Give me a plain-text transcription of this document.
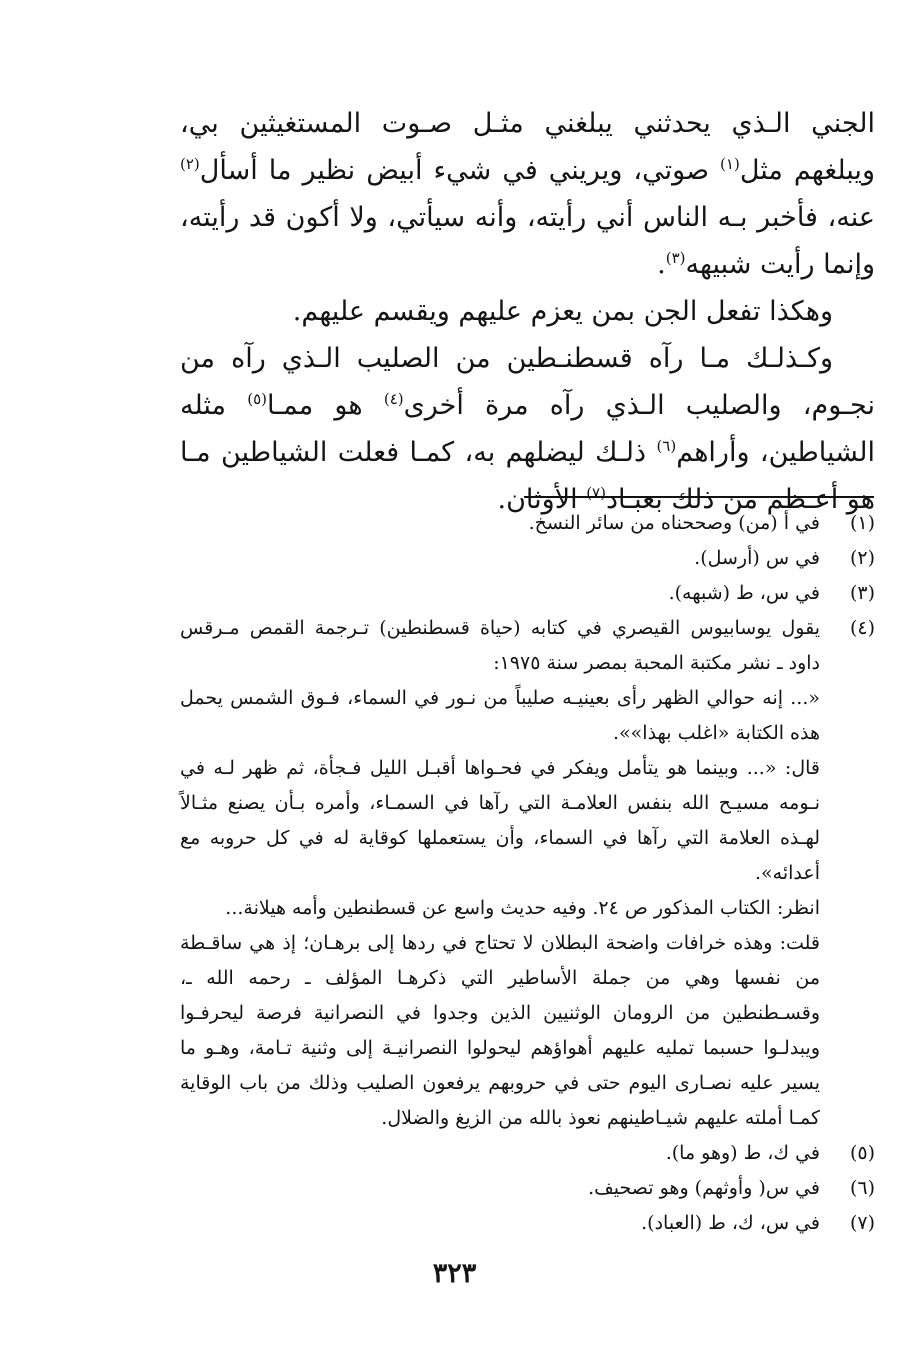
الجني الـذي يحدثني يبلغني مثـل صـوت المستغيثين بي، ويبلغهم مثل$^{(١)}$ صوتي، ويريني في شيء أبيض نظير ما أسأل$^{(٢)}$ عنه، فأخبر بـه الناس أني رأيته، وأنه سيأتي، ولا أكون قد رأيته، وإنما رأيت شبيهه$^{(٣)}$.

وهكذا تفعل الجن بمن يعزم عليهم ويقسم عليهم.

وكـذلـك مـا رآه قسطنـطين من الصليب الـذي رآه من نجـوم، والصليب الـذي رآه مرة أخرى$^{(٤)}$ هو ممـا$^{(٥)}$ مثله الشياطين، وأراهم$^{(٦)}$ ذلـك ليضلهم به، كمـا فعلت الشياطين مـا هو أعـظم من ذلك بعبـاد$^{(٧)}$ الأوثان.

(١)
في أ (من) وصححناه من سائر النسخ.
(٢)
في س (أرسل).
(٣)
في س، ط (شبهه).
(٤)

يقول يوسابيوس القيصري في كتابه (حياة قسطنطين) تـرجمة القمص مـرقس داود ـ نشر مكتبة المحبة بمصر سنة ١٩٧٥:

«... إنه حوالي الظهر رأى بعينيـه صليباً من نـور في السماء، فـوق الشمس يحمل هذه الكتابة «اغلب بهذا»».

قال: «... وبينما هو يتأمل ويفكر في فحـواها أقبـل الليل فـجأة، ثم ظهر لـه في نـومه مسيـح الله بنفس العلامـة التي رآها في السمـاء، وأمره بـأن يصنع مثـالاً لهـذه العلامة التي رآها في السماء، وأن يستعملها كوقاية له في كل حروبه مع أعدائه».

انظر: الكتاب المذكور ص ٢٤. وفيه حديث واسع عن قسطنطين وأمه هيلانة...

قلت: وهذه خرافات واضحة البطلان لا تحتاج في ردها إلى برهـان؛ إذ هي ساقـطة من نفسها وهي من جملة الأساطير التي ذكرهـا المؤلف ـ رحمه الله ـ، وقسـطنطين من الرومان الوثنيين الذين وجدوا في النصرانية فرصة ليحرفـوا ويبدلـوا حسبما تمليه عليهم أهواؤهم ليحولوا النصرانيـة إلى وثنية تـامة، وهـو ما يسير عليه نصـارى اليوم حتى في حروبهم يرفعون الصليب وذلك من باب الوقاية كمـا أملته عليهم شيـاطينهم نعوذ بالله من الزيغ والضلال.

(٥)
في ك، ط (وهو ما).
(٦)
في س( وأوثهم) وهو تصحيف.
(٧)
في س، ك، ط (العباد).
٣٢٣
